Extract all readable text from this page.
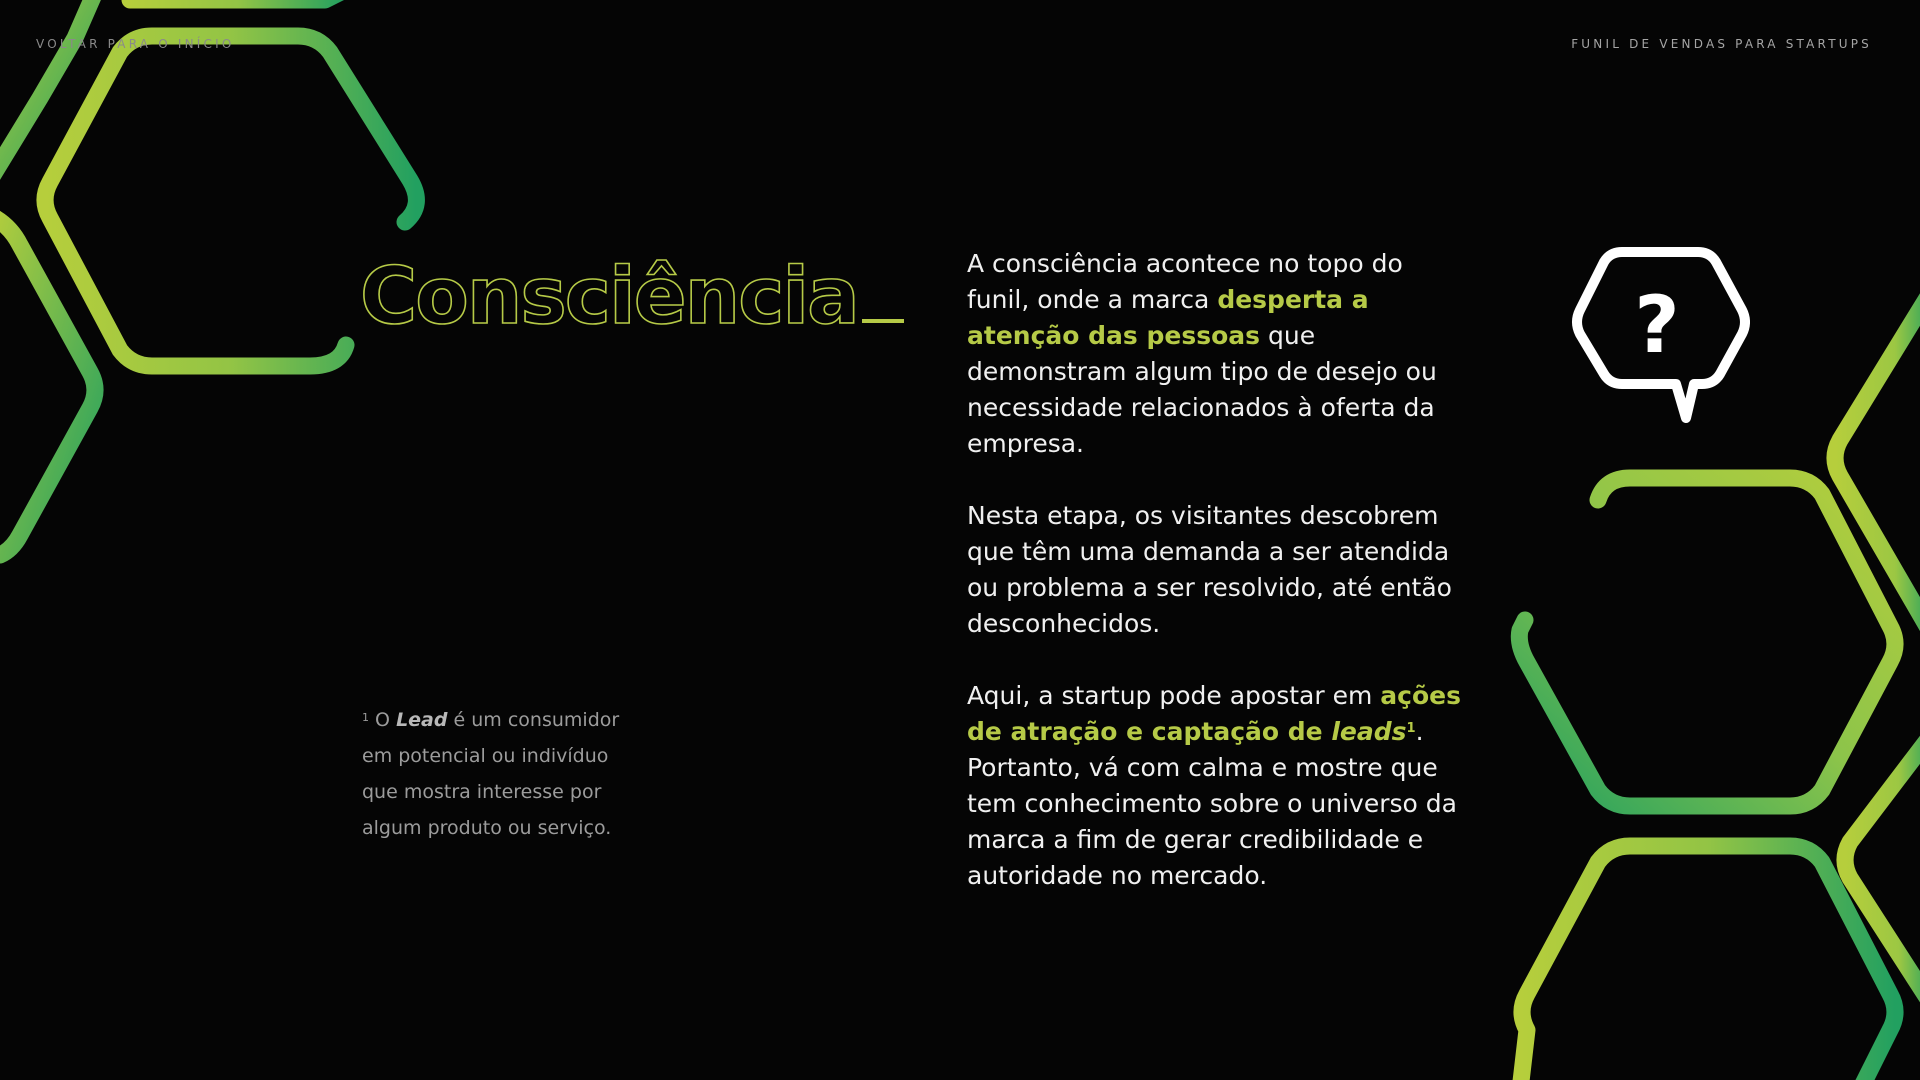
VOLTAR PARA O INÍCIO	FUNIL DE VENDAS PARA STARTUPS
Consciência
$^1$ O Lead é um consumidor em potencial ou indivíduo que mostra interesse por algum produto ou serviço.

A consciência acontece no topo do funil, onde a marca desperta a atenção das pessoas que demonstram algum tipo de desejo ou necessidade relacionados à oferta da empresa.

Nesta etapa, os visitantes descobrem que têm uma demanda a ser atendida ou problema a ser resolvido, até então desconhecidos.

Aqui, a startup pode apostar em ações de atração e captação de leads$^1$. Portanto, vá com calma e mostre que tem conhecimento sobre o universo da marca a fim de gerar credibilidade e autoridade no mercado.

?
